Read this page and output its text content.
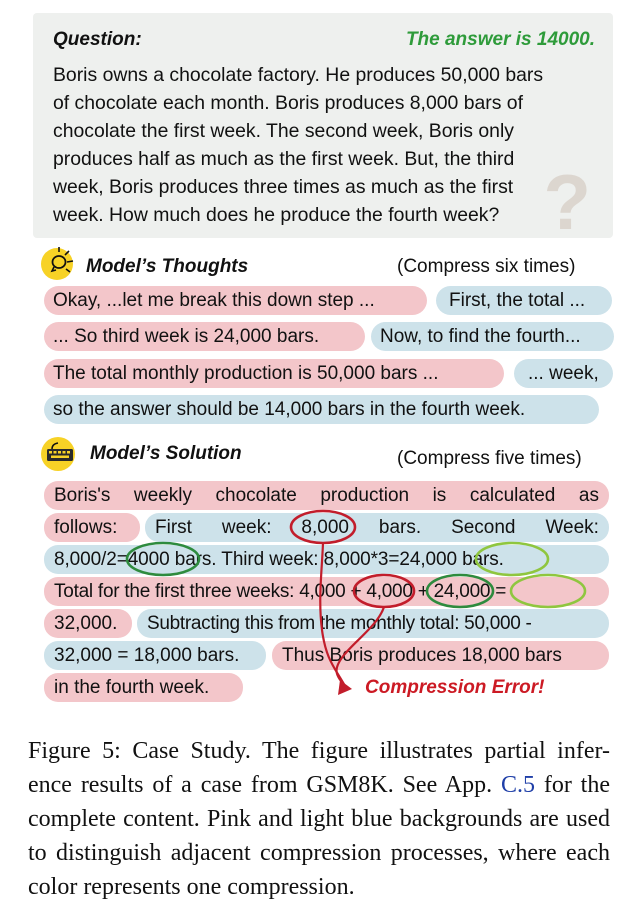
Question:	The answer is 14000.
Boris owns a chocolate factory. He produces 50,000 bars
of chocolate each month. Boris produces 8,000 bars of
chocolate the first week. The second week, Boris only
produces half as much as the first week. But, the third
week, Boris produces three times as much as the first
week. How much does he produce the fourth week? ?
Model’s Thoughts	(Compress six times)
Okay, ...let me break this down step ...	First, the total ...
... So third week is 24,000 bars.	Now, to find the fourth...
The total monthly production is 50,000 bars ...	... week,
so the answer should be 14,000 bars in the fourth week.
Model’s Solution	(Compress five times)
Boris's weekly chocolate production is calculated as
follows:	First week: 8,000 bars. Second Week:
8,000/2=4000 bars. Third week: 8,000*3=24,000 bars.
Total for the first three weeks: 4,000 + 4,000 + 24,000 =
32,000.	Subtracting this from the monthly total: 50,000 -
32,000 = 18,000 bars.	Thus Boris produces 18,000 bars
in the fourth week.	Compression Error!
Figure 5: Case Study. The figure illustrates partial infer- ence results of a case from GSM8K. See App. C.5 for the complete content. Pink and light blue backgrounds are used to distinguish adjacent compression processes, where each color represents one compression.
